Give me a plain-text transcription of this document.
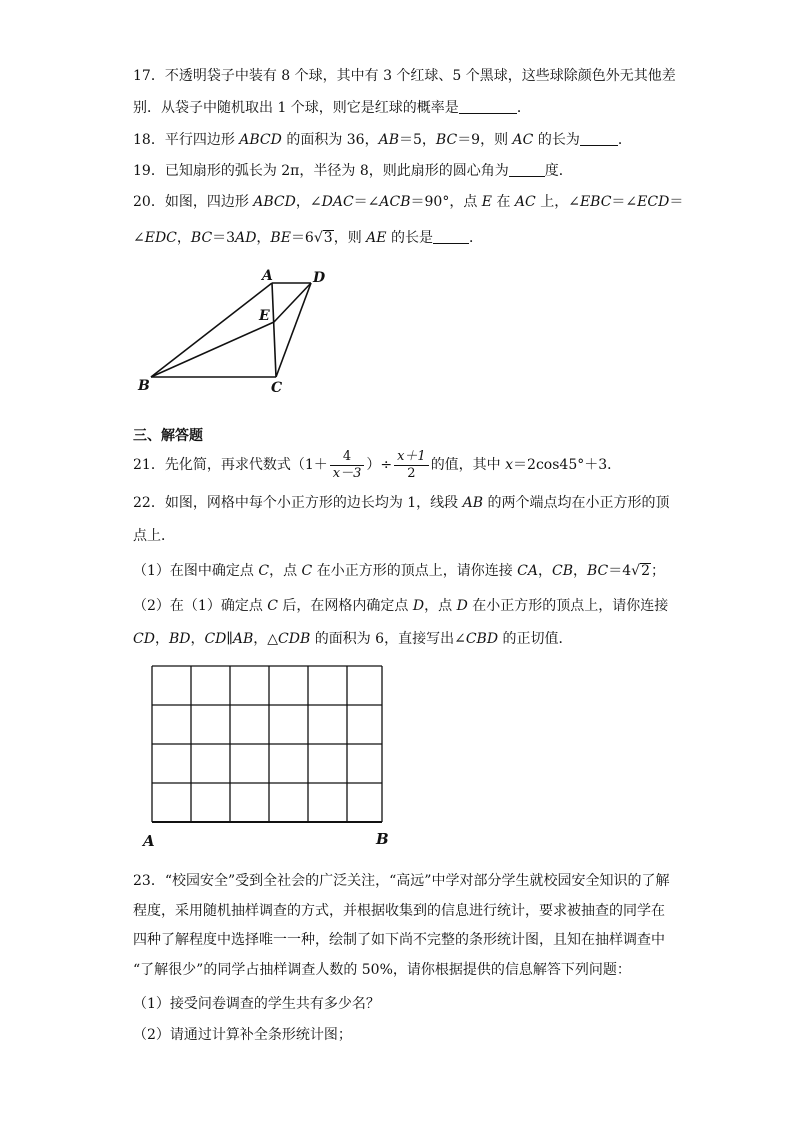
17．不透明袋子中装有 8 个球，其中有 3 个红球、5 个黑球，这些球除颜色外无其他差
别．从袋子中随机取出 1 个球，则它是红球的概率是	．
18．平行四边形 ABCD 的面积为 36，AB＝5，BC＝9，则 AC 的长为	．
19．已知扇形的弧长为 2π，半径为 8，则此扇形的圆心角为	度．
20．如图，四边形 ABCD，∠DAC＝∠ACB＝90°，点 E 在 AC 上，∠EBC＝∠ECD＝
∠EDC，BC＝3AD，BE＝6√3，则 AE 的长是	．
A	D
E
B	C
三、解答题
21．先化简，再求代数式（$1+ \frac{4}{x-3}$ ）÷ $\frac{x+1}{2}$ 的值，其中 x＝2cos45°＋3．
22．如图，网格中每个小正方形的边长均为 1，线段 AB 的两个端点均在小正方形的顶
点上．
（1）在图中确定点 C，点 C 在小正方形的顶点上，请你连接 CA，CB，BC＝4√2；
（2）在（1）确定点 C 后，在网格内确定点 D，点 D 在小正方形的顶点上，请你连接
CD，BD，CD∥AB，△CDB 的面积为 6，直接写出∠CBD 的正切值．
A	B
23．“校园安全”受到全社会的广泛关注，“高远”中学对部分学生就校园安全知识的了解
程度，采用随机抽样调查的方式，并根据收集到的信息进行统计，要求被抽查的同学在
四种了解程度中选择唯一一种，绘制了如下尚不完整的条形统计图，且知在抽样调查中
“了解很少”的同学占抽样调查人数的 50%，请你根据提供的信息解答下列问题：
（1）接受问卷调查的学生共有多少名？
（2）请通过计算补全条形统计图；
